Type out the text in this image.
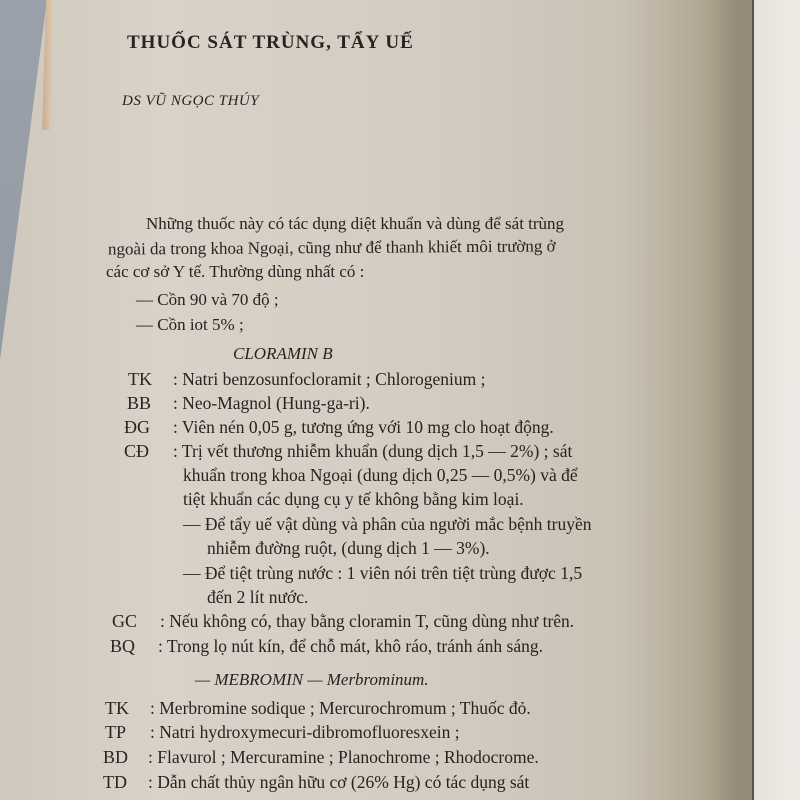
THUỐC SÁT TRÙNG, TẨY UẾ
DS VŨ NGỌC THÚY
Những thuốc này có tác dụng diệt khuẩn và dùng để sát trùng
ngoài da trong khoa Ngoại, cũng như để thanh khiết môi trường ở
các cơ sở Y tế. Thường dùng nhất có :
— Cồn 90 và 70 độ ;
— Cồn iot 5% ;
CLORAMIN B
TK : Natri benzosunfocloramit ; Chlorogenium ;
BB : Neo-Magnol (Hung-ga-ri).
ĐG : Viên nén 0,05 g, tương ứng với 10 mg clo hoạt động.
CĐ : Trị vết thương nhiễm khuẩn (dung dịch 1,5 — 2%) ; sát
khuẩn trong khoa Ngoại (dung dịch 0,25 — 0,5%) và để
tiệt khuẩn các dụng cụ y tế không bằng kim loại.
— Để tẩy uế vật dùng và phân của người mắc bệnh truyền
nhiễm đường ruột, (dung dịch 1 — 3%).
— Để tiệt trùng nước : 1 viên nói trên tiệt trùng được 1,5
đến 2 lít nước.
GC : Nếu không có, thay bằng cloramin T, cũng dùng như trên.
BQ : Trong lọ nút kín, để chỗ mát, khô ráo, tránh ánh sáng.
— MEBROMIN — Merbrominum.
TK : Merbromine sodique ; Mercurochromum ; Thuốc đỏ.
TP : Natri hydroxymecuri-dibromofluoresxein ;
BD : Flavurol ; Mercuramine ; Planochrome ; Rhodocrome.
TD : Dẫn chất thủy ngân hữu cơ (26% Hg) có tác dụng sát
